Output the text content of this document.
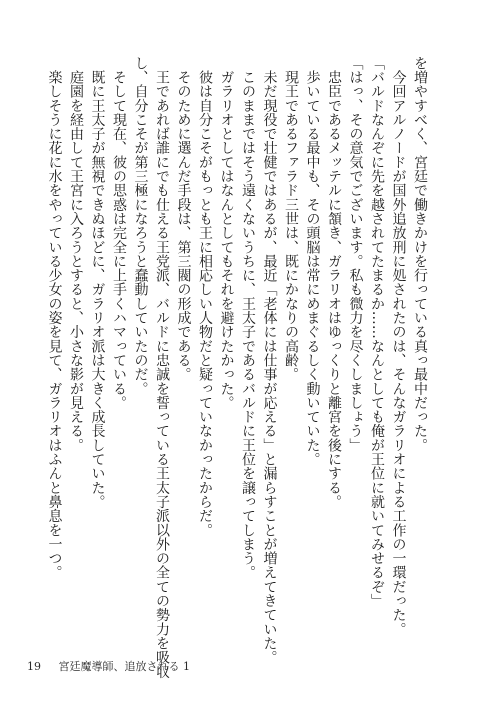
を増やすべく、宮廷で働きかけを行っている真っ最中だった。

　今回アルノードが国外追放刑に処されたのは、そんなガラリオによる工作の一環だった。

「バルドなんぞに先を越されてたまるか……なんとしても俺が王位に就いてみせるぞ」

「はっ、その意気でございます。私も微力を尽くしましょう」

　忠臣であるメッテルに頷き、ガラリオはゆっくりと離宮を後にする。

　歩いている最中も、その頭脳は常にめまぐるしく動いていた。

　現王であるファラド三世は、既にかなりの高齢。

　未だ現役で壮健ではあるが、最近「老体には仕事が応える」と漏らすことが増えてきていた。

　このままではそう遠くないうちに、王太子であるバルドに王位を譲ってしまう。

　ガラリオとしてはなんとしてもそれを避けたかった。

　彼は自分こそがもっとも王に相応しい人物だと疑っていなかったからだ。

　そのために選んだ手段は、第三閥の形成である。

　王であれば誰にでも仕える王党派、バルドに忠誠を誓っている王太子派以外の全ての勢力を吸収

し、自分こそが第三極になろうと蠢動していたのだ。

　そして現在、彼の思惑は完全に上手くハマっている。

　既に王太子が無視できぬほどに、ガラリオ派は大きく成長していた。

　庭園を経由して王宮に入ろうとすると、小さな影が見える。

　楽しそうに花に水をやっている少女の姿を見て、ガラリオはふんと鼻息を一つ。

19 宮廷魔導師、追放される 1
